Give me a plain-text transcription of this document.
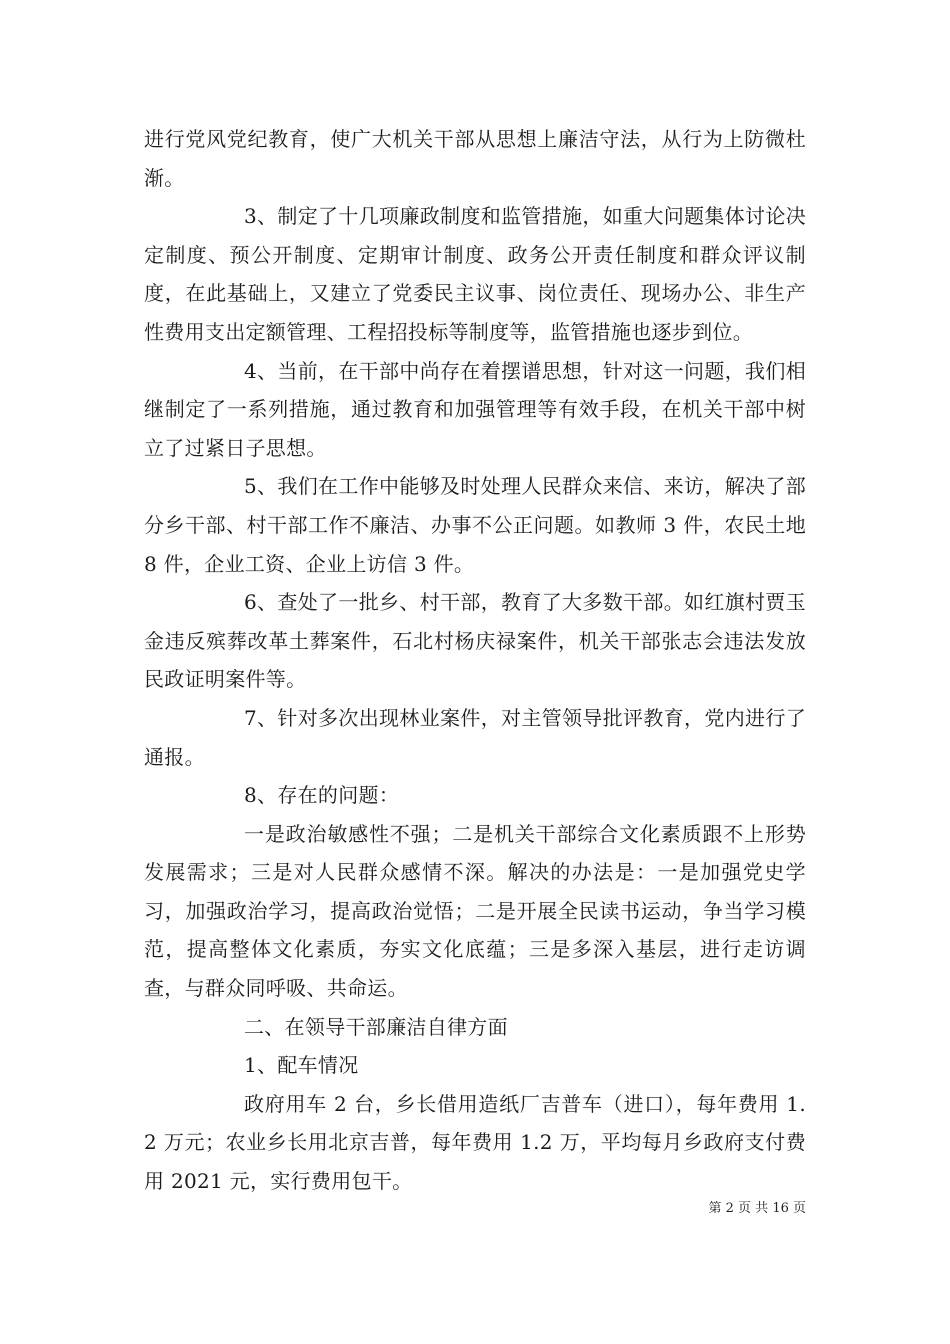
进行党风党纪教育，使广大机关干部从思想上廉洁守法，从行为上防微杜渐。

3、制定了十几项廉政制度和监管措施，如重大问题集体讨论决定制度、预公开制度、定期审计制度、政务公开责任制度和群众评议制度，在此基础上，又建立了党委民主议事、岗位责任、现场办公、非生产性费用支出定额管理、工程招投标等制度等，监管措施也逐步到位。

4、当前，在干部中尚存在着摆谱思想，针对这一问题，我们相继制定了一系列措施，通过教育和加强管理等有效手段，在机关干部中树立了过紧日子思想。

5、我们在工作中能够及时处理人民群众来信、来访，解决了部分乡干部、村干部工作不廉洁、办事不公正问题。如教师 3 件，农民土地 8 件，企业工资、企业上访信 3 件。

6、查处了一批乡、村干部，教育了大多数干部。如红旗村贾玉金违反殡葬改革土葬案件，石北村杨庆禄案件，机关干部张志会违法发放民政证明案件等。

7、针对多次出现林业案件，对主管领导批评教育，党内进行了通报。

8、存在的问题：

一是政治敏感性不强；二是机关干部综合文化素质跟不上形势发展需求；三是对人民群众感情不深。解决的办法是：一是加强党史学习，加强政治学习，提高政治觉悟；二是开展全民读书运动，争当学习模范，提高整体文化素质，夯实文化底蕴；三是多深入基层，进行走访调查，与群众同呼吸、共命运。

二、在领导干部廉洁自律方面

1、配车情况

政府用车 2 台，乡长借用造纸厂吉普车（进口），每年费用 1.2 万元；农业乡长用北京吉普，每年费用 1.2 万，平均每月乡政府支付费用 2021 元，实行费用包干。

第 2 页 共 16 页
